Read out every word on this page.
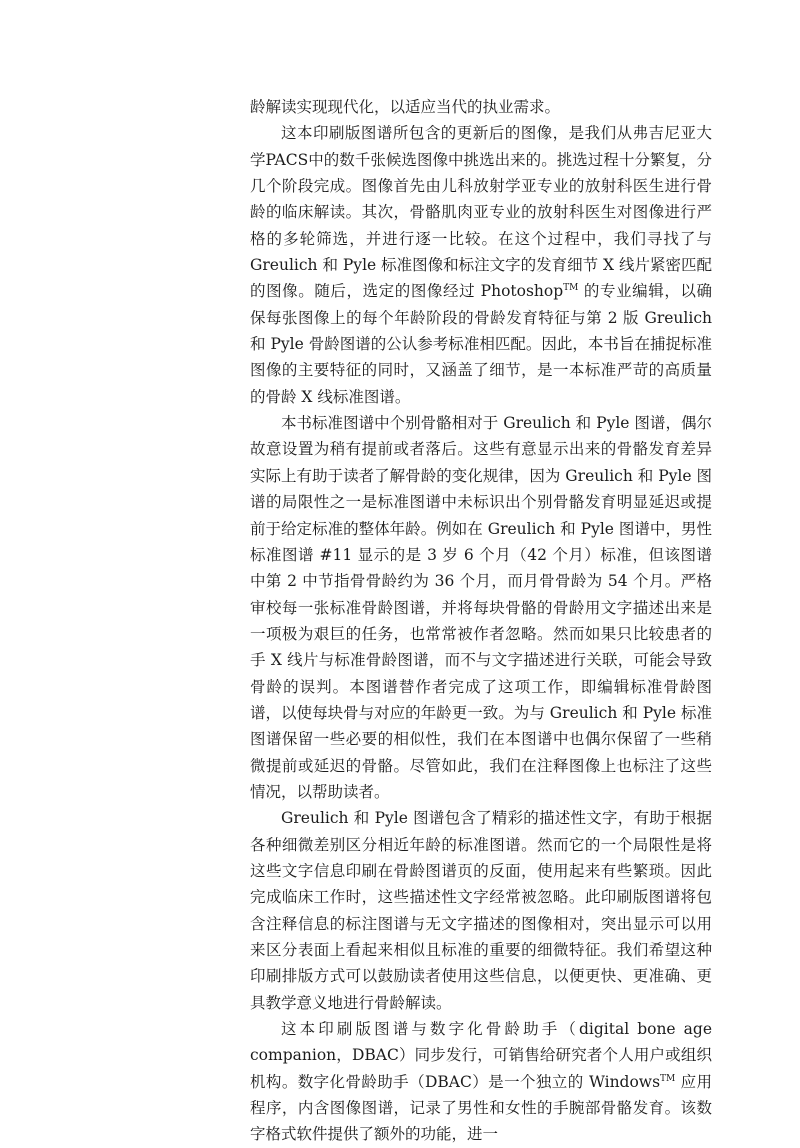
龄解读实现现代化，以适应当代的执业需求。

这本印刷版图谱所包含的更新后的图像，是我们从弗吉尼亚大学PACS中的数千张候选图像中挑选出来的。挑选过程十分繁复，分几个阶段完成。图像首先由儿科放射学亚专业的放射科医生进行骨龄的临床解读。其次，骨骼肌肉亚专业的放射科医生对图像进行严格的多轮筛选，并进行逐一比较。在这个过程中，我们寻找了与 Greulich 和 Pyle 标准图像和标注文字的发育细节 X 线片紧密匹配的图像。随后，选定的图像经过 Photoshop™ 的专业编辑，以确保每张图像上的每个年龄阶段的骨龄发育特征与第 2 版 Greulich 和 Pyle 骨龄图谱的公认参考标准相匹配。因此，本书旨在捕捉标准图像的主要特征的同时，又涵盖了细节，是一本标准严苛的高质量的骨龄 X 线标准图谱。

本书标准图谱中个别骨骼相对于 Greulich 和 Pyle 图谱，偶尔故意设置为稍有提前或者落后。这些有意显示出来的骨骼发育差异实际上有助于读者了解骨龄的变化规律，因为 Greulich 和 Pyle 图谱的局限性之一是标准图谱中未标识出个别骨骼发育明显延迟或提前于给定标准的整体年龄。例如在 Greulich 和 Pyle 图谱中，男性标准图谱 #11 显示的是 3 岁 6 个月（42 个月）标准，但该图谱中第 2 中节指骨骨龄约为 36 个月，而月骨骨龄为 54 个月。严格审校每一张标准骨龄图谱，并将每块骨骼的骨龄用文字描述出来是一项极为艰巨的任务，也常常被作者忽略。然而如果只比较患者的手 X 线片与标准骨龄图谱，而不与文字描述进行关联，可能会导致骨龄的误判。本图谱替作者完成了这项工作，即编辑标准骨龄图谱，以使每块骨与对应的年龄更一致。为与 Greulich 和 Pyle 标准图谱保留一些必要的相似性，我们在本图谱中也偶尔保留了一些稍微提前或延迟的骨骼。尽管如此，我们在注释图像上也标注了这些情况，以帮助读者。

Greulich 和 Pyle 图谱包含了精彩的描述性文字，有助于根据各种细微差别区分相近年龄的标准图谱。然而它的一个局限性是将这些文字信息印刷在骨龄图谱页的反面，使用起来有些繁琐。因此完成临床工作时，这些描述性文字经常被忽略。此印刷版图谱将包含注释信息的标注图谱与无文字描述的图像相对，突出显示可以用来区分表面上看起来相似且标准的重要的细微特征。我们希望这种印刷排版方式可以鼓励读者使用这些信息，以便更快、更准确、更具教学意义地进行骨龄解读。

这本印刷版图谱与数字化骨龄助手（digital bone age companion，DBAC）同步发行，可销售给研究者个人用户或组织机构。数字化骨龄助手（DBAC）是一个独立的 Windows™ 应用程序，内含图像图谱，记录了男性和女性的手腕部骨骼发育。该数字格式软件提供了额外的功能，进一
